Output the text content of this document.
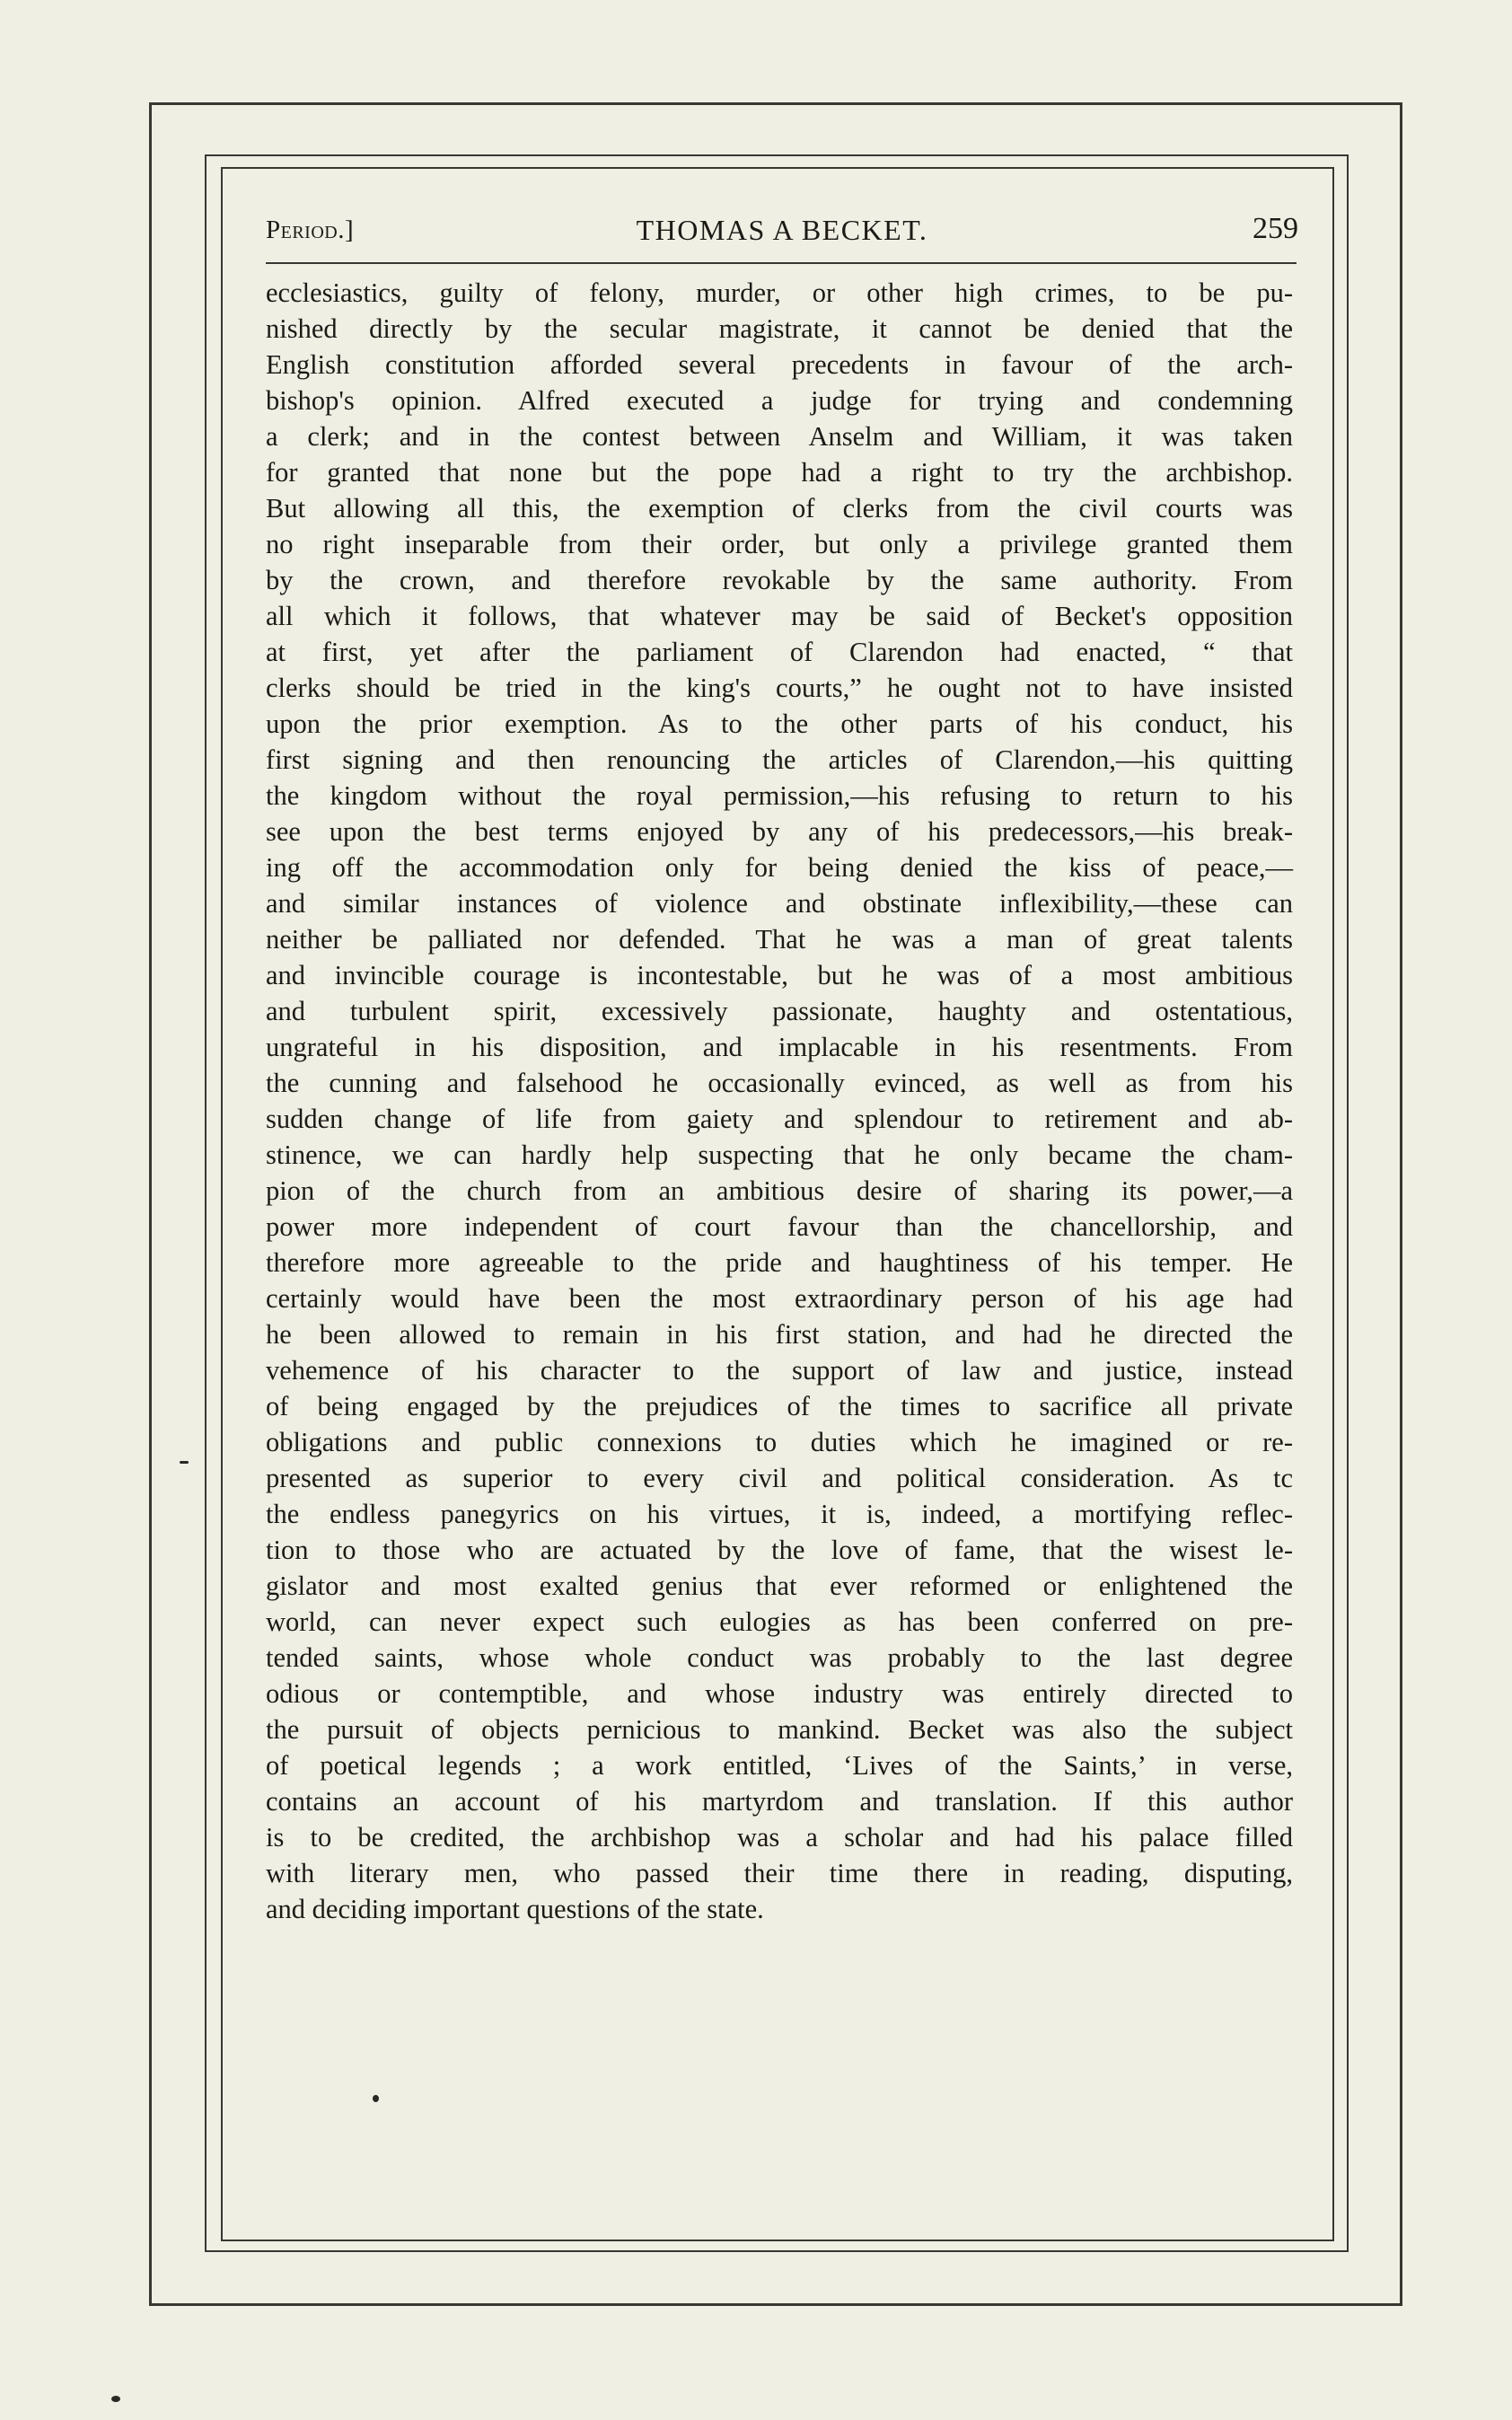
Period.]	THOMAS A BECKET.	259
ecclesiastics, guilty of felony, murder, or other high crimes, to be pu-
nished directly by the secular magistrate, it cannot be denied that the
English constitution afforded several precedents in favour of the arch-
bishop's opinion. Alfred executed a judge for trying and condemning
a clerk; and in the contest between Anselm and William, it was taken
for granted that none but the pope had a right to try the archbishop.
But allowing all this, the exemption of clerks from the civil courts was
no right inseparable from their order, but only a privilege granted them
by the crown, and therefore revokable by the same authority. From
all which it follows, that whatever may be said of Becket's opposition
at first, yet after the parliament of Clarendon had enacted, “ that
clerks should be tried in the king's courts,” he ought not to have insisted
upon the prior exemption. As to the other parts of his conduct, his
first signing and then renouncing the articles of Clarendon,—his quitting
the kingdom without the royal permission,—his refusing to return to his
see upon the best terms enjoyed by any of his predecessors,—his break-
ing off the accommodation only for being denied the kiss of peace,—
and similar instances of violence and obstinate inflexibility,—these can
neither be palliated nor defended. That he was a man of great talents
and invincible courage is incontestable, but he was of a most ambitious
and turbulent spirit, excessively passionate, haughty and ostentatious,
ungrateful in his disposition, and implacable in his resentments. From
the cunning and falsehood he occasionally evinced, as well as from his
sudden change of life from gaiety and splendour to retirement and ab-
stinence, we can hardly help suspecting that he only became the cham-
pion of the church from an ambitious desire of sharing its power,—a
power more independent of court favour than the chancellorship, and
therefore more agreeable to the pride and haughtiness of his temper. He
certainly would have been the most extraordinary person of his age had
he been allowed to remain in his first station, and had he directed the
vehemence of his character to the support of law and justice, instead
of being engaged by the prejudices of the times to sacrifice all private
obligations and public connexions to duties which he imagined or re-
presented as superior to every civil and political consideration. As tc
the endless panegyrics on his virtues, it is, indeed, a mortifying reflec-
tion to those who are actuated by the love of fame, that the wisest le-
gislator and most exalted genius that ever reformed or enlightened the
world, can never expect such eulogies as has been conferred on pre-
tended saints, whose whole conduct was probably to the last degree
odious or contemptible, and whose industry was entirely directed to
the pursuit of objects pernicious to mankind. Becket was also the subject
of poetical legends ; a work entitled, ‘Lives of the Saints,’ in verse,
contains an account of his martyrdom and translation. If this author
is to be credited, the archbishop was a scholar and had his palace filled
with literary men, who passed their time there in reading, disputing,
and deciding important questions of the state.
